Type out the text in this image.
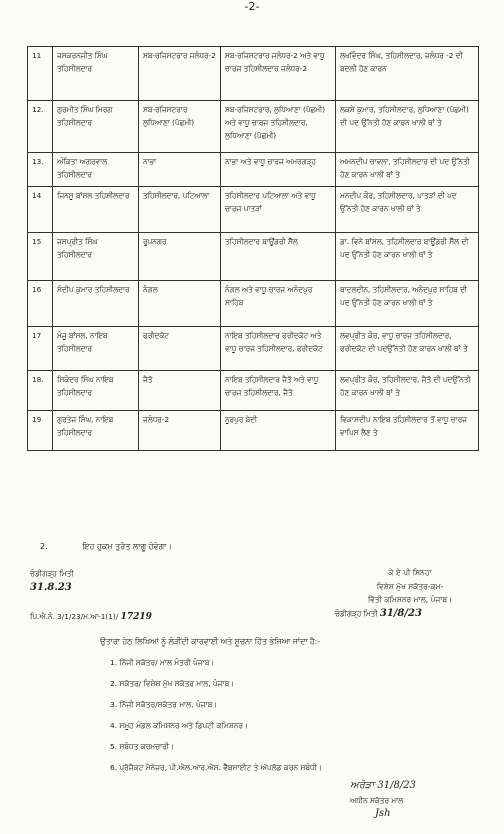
-2-
11	ਜਸਕਰਨਜੀਤ ਸਿੰਘ ਤਹਿਸੀਲਦਾਰ	ਸਬ-ਰਜਿਸਟਰਾਰ ਜਲੰਧਰ-2	ਸਬ-ਰਜਿਸਟਰਾਰ ਜਲੰਧਰ-2 ਅਤੇ ਵਾਧੂ ਚਾਰਜ ਤਹਿਸੀਲਦਾਰ ਜਲੰਧਰ-2	ਲਖਵਿੰਦਰ ਸਿੰਘ, ਤਹਿਸੀਲਦਾਰ, ਜਲੰਧਰ -2 ਦੀ ਬਦਲੀ ਹੋਣ ਕਾਰਨ
12.	ਗੁਰਮੀਤ ਸਿੰਘ ਮਿਰਗ ਤਹਿਸੀਲਦਾਰ	ਸਬ-ਰਜਿਸਟਰਾਰ ਲੁਧਿਆਣਾ (ਪੱਛਮੀ)	ਸਬ-ਰਜਿਸਟਰਾਰ, ਲੁਧਿਆਣਾ (ਪੱਛਮੀ) ਅਤੇ ਵਾਧੂ ਚਾਰਜ ਤਹਿਸੀਲਦਾਰ, ਲੁਧਿਆਣਾ (ਪੱਛਮੀ)	ਲਕਸ਼ੇ ਕੁਮਾਰ, ਤਹਿਸੀਲਦਾਰ, ਲੁਧਿਆਣਾ (ਪੱਛਮੀ) ਦੀ ਪਦ ਉੱਨਤੀ ਹੋਣ ਕਾਰਨ ਖਾਲੀ ਥਾਂ ਤੇ
13.	ਅੰਕਿਤਾ ਅਗਰਵਾਲ ਤਹਿਸੀਲਦਾਰ	ਨਾਭਾ	ਨਾਭਾ ਅਤੇ ਵਾਧੂ ਚਾਰਜ ਅਮਰਗੜ੍ਹ	ਅਮਨਦੀਪ ਚਾਵਲਾ, ਤਹਿਸੀਲਦਾਰ ਦੀ ਪਦ ਉੱਨਤੀ ਹੋਣ ਕਾਰਨ ਖਾਲੀ ਥਾਂ ਤੇ
14	ਜਿਨਸੂ ਬਾਂਸਲ ਤਹਿਸੀਲਦਾਰ	ਤਹਿਸੀਲਦਾਰ, ਪਟਿਆਲਾ	ਤਹਿਸੀਲਦਾਰ ਪਟਿਆਲਾ ਅਤੇ ਵਾਧੂ ਚਾਰਜ ਪਾਤੜਾਂ	ਮਨਦੀਪ ਕੌਰ, ਤਹਿਸੀਲਦਾਰ, ਪਾਤੜਾਂ ਦੀ ਪਦ ਉੱਨਤੀ ਹੋਣ ਕਾਰਨ ਖਾਲੀ ਥਾਂ ਤੇ
15	ਜਸਪ੍ਰੀਤ ਸਿੰਘ ਤਹਿਸੀਲਦਾਰ	ਰੂਪਨਗਰ	ਤਹਿਸੀਲਦਾਰ ਬਾਊਂਡਰੀ ਸੈੱਲ	ਡਾ. ਵਿਨੇ ਬਾਂਸਲ, ਤਹਿਸੀਲਦਾਰ ਬਾਊਂਡਰੀ ਸੈੱਲ ਦੀ ਪਦ ਉੱਨਤੀ ਹੋਣ ਕਾਰਨ ਖਾਲੀ ਥਾਂ ਤੇ
16	ਸੰਦੀਪ ਕੁਮਾਰ ਤਹਿਸੀਲਦਾਰ	ਨੰਗਲ	ਨੰਗਲ ਅਤੇ ਵਾਧੂ ਚਾਰਜ ਅਨੰਦਪੁਰ ਸਾਹਿਬ	ਬਾਦਲਦੀਨ, ਤਹਿਸੀਲਦਾਰ, ਅਨੰਦਪੁਰ ਸਾਹਿਬ ਦੀ ਪਦ ਉੱਨਤੀ ਹੋਣ ਕਾਰਨ ਖਾਲੀ ਥਾਂ ਤੇ
17	ਮੰਜੂ ਬਾਂਸਲ, ਨਾਇਬ ਤਹਿਸੀਲਦਾਰ	ਫਰੀਦਕੋਟ	ਨਾਇਬ ਤਹਿਸੀਲਦਾਰ ਫਰੀਦਕੋਟ ਅਤੇ ਵਾਧੂ ਚਾਰਜ ਤਹਿਸੀਲਦਾਰ, ਫਰੀਦਕੋਟ	ਲਵਪ੍ਰੀਤ ਕੌਰ, ਵਾਧੂ ਚਾਰਜ ਤਹਿਸੀਲਦਾਰ, ਫਰੀਦਕੋਟ ਦੀ ਪਦਉੱਨਤੀ ਹੋਣ ਕਾਰਨ ਖਾਲੀ ਥਾਂ ਤੇ
18.	ਸਿਕੰਦਰ ਸਿੰਘ ਨਾਇਬ ਤਹਿਸੀਲਦਾਰ	ਜੈਤੋ	ਨਾਇਬ ਤਹਿਸੀਲਦਾਰ ਜੈਤੋ ਅਤੇ ਵਾਧੂ ਚਾਰਜ ਤਹਿਸੀਲਦਾਰ, ਜੈਤੋ	ਲਵਪ੍ਰੀਤ ਕੌਰ, ਤਹਿਸੀਲਦਾਰ, ਜੈਤੋ ਦੀ ਪਦਉੱਨਤੀ ਹੋਣ ਕਾਰਨ ਖਾਲੀ ਥਾਂ ਤੇ
19	ਗੁਰਤੇਜ ਸਿੰਘ, ਨਾਇਬ ਤਹਿਸੀਲਦਾਰ	ਜਲੰਧਰ-2	ਨੂਰਪੁਰ ਬੇਦੀ	ਵਿਕਾਸਦੀਪ ਨਾਇਬ ਤਹਿਸੀਲਦਾਰ ਤੋਂ ਵਾਧੂ ਚਾਰਜ ਵਾਪਿਸ ਲੈਣ ਤੇ
2.	ਇਹ ਹੁਕਮ ਤੁਰੰਤ ਲਾਗੂ ਹੋਵੇਗਾ।
ਚੰਡੀਗੜ੍ਹ ਮਿਤੀ
31.8.23
ਕੇ ਏ ਪੀ ਸਿਨਹਾ
ਵਿਸ਼ੇਸ਼ ਮੁੱਖ ਸਕੱਤਰ-ਕਮ-
ਵਿੱਤੀ ਕਮਿਸ਼ਨਰ ਮਾਲ, ਪੰਜਾਬ।
ਪਿ.ਐ.ਨੰ. 3/1/23/ਮ.ਆ-1(1)/ 17219	ਚੰਡੀਗੜ੍ਹ ਮਿਤੀ 31/8/23
ਉਤਾਰਾ ਹੇਠ ਲਿਖਿਆਂ ਨੂੰ ਲੋੜੀਂਦੀ ਕਾਰਵਾਈ ਅਤੇ ਸੂਚਨਾ ਹਿੱਤ ਭੇਜਿਆ ਜਾਂਦਾ ਹੈ:-
1. ਨਿੱਜੀ ਸਕੱਤਰ/ ਮਾਲ ਮੰਤਰੀ ਪੰਜਾਬ।
2. ਸਕੱਤਰ/ ਵਿਸ਼ੇਸ਼ ਮੁੱਖ ਸਕੱਤਰ ਮਾਲ, ਪੰਜਾਬ।
3. ਨਿੱਜੀ ਸਕੱਤਰ/ਸਕੱਤਰ ਮਾਲ, ਪੰਜਾਬ।
4. ਸਮੂਹ ਮੰਡਲ ਕਮਿਸ਼ਨਰ ਅਤੇ ਡਿਪਟੀ ਕਮਿਸ਼ਨਰ।
5. ਸਬੰਧਤ ਕਰਮਚਾਰੀ।
6. ਪ੍ਰੋਜੈਕਟ ਮੈਨੇਜਰ, ਪੀ.ਐਲ.ਆਰ.ਐਸ. ਵੈੱਬਸਾਈਟ ਤੇ ਅੱਪਲੋਡ ਕਰਨ ਸਬੰਧੀ।
ਅਰੋੜਾ 31/8/23
ਅਧੀਨ ਸਕੱਤਰ ਮਾਲ
Jsh
